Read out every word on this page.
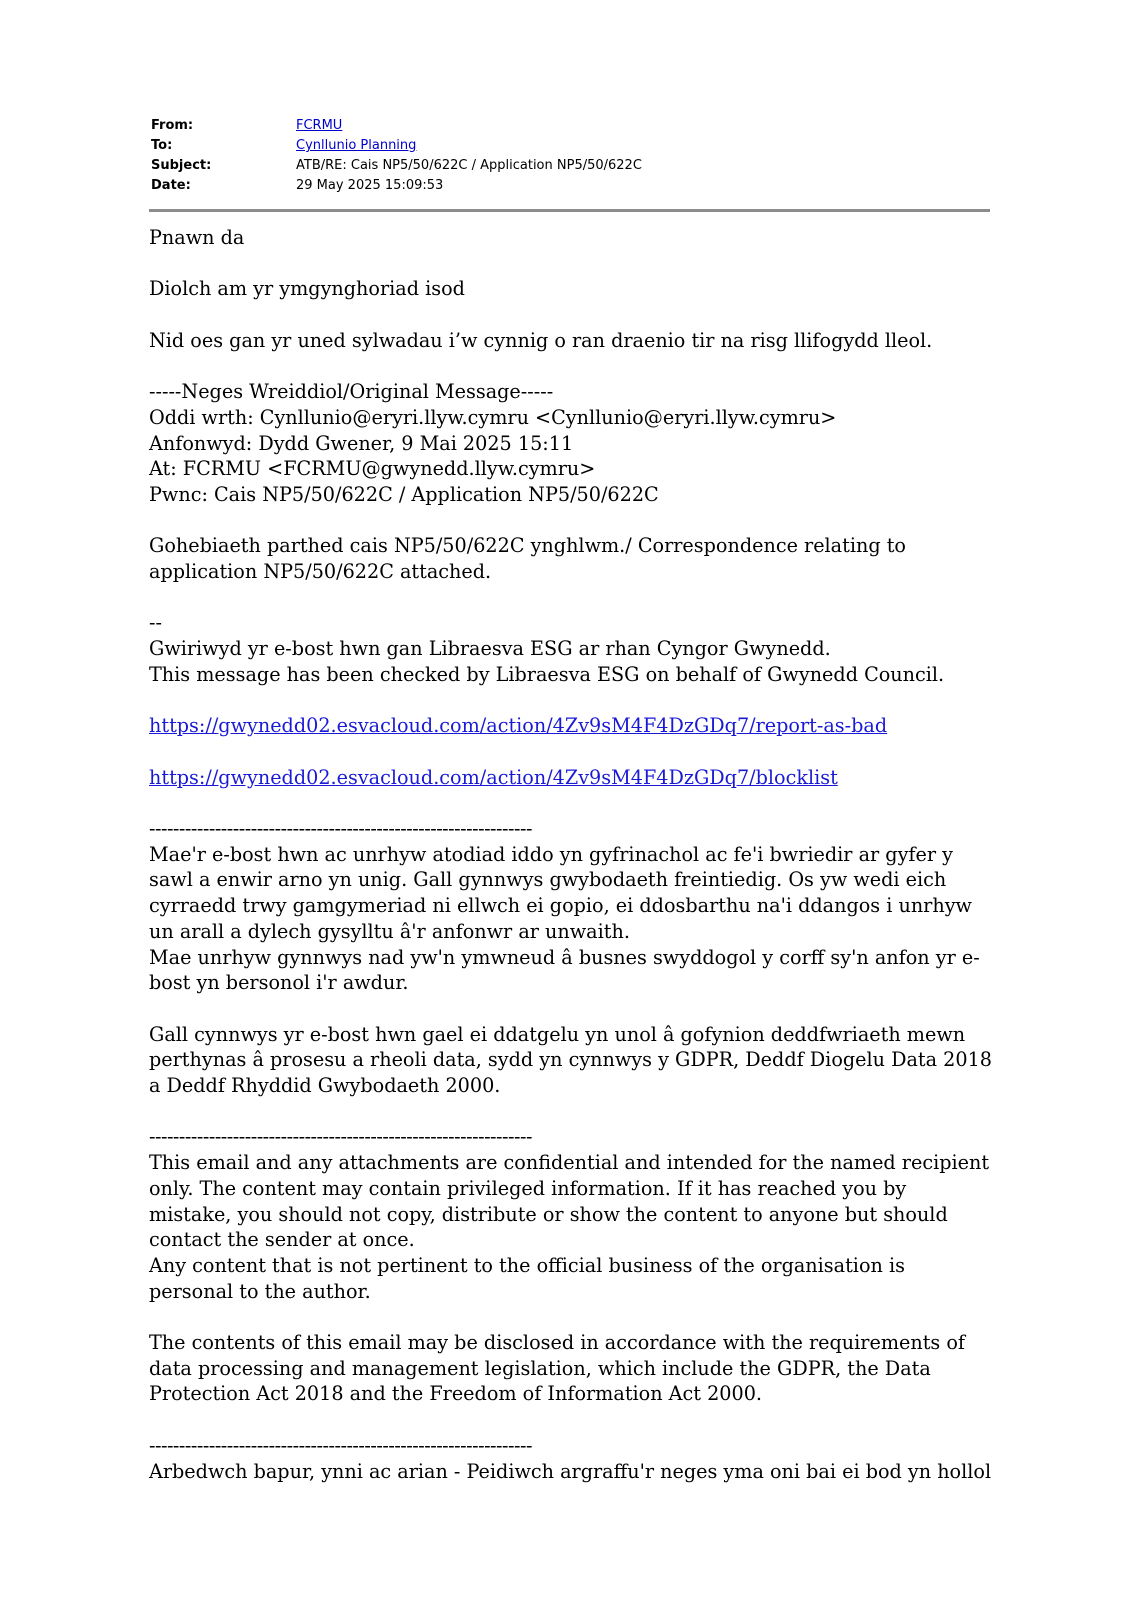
From:	FCRMU
To:	Cynllunio Planning
Subject:	ATB/RE: Cais NP5/50/622C / Application NP5/50/622C
Date:	29 May 2025 15:09:53

Pnawn da

Diolch am yr ymgynghoriad isod

Nid oes gan yr uned sylwadau i’w cynnig o ran draenio tir na risg llifogydd lleol.

-----Neges Wreiddiol/Original Message-----
Oddi wrth: Cynllunio@eryri.llyw.cymru <Cynllunio@eryri.llyw.cymru>
Anfonwyd: Dydd Gwener, 9 Mai 2025 15:11
At: FCRMU <FCRMU@gwynedd.llyw.cymru>
Pwnc: Cais NP5/50/622C / Application NP5/50/622C

Gohebiaeth parthed cais NP5/50/622C ynghlwm./ Correspondence relating to application NP5/50/622C attached.

--
Gwiriwyd yr e-bost hwn gan Libraesva ESG ar rhan Cyngor Gwynedd.
This message has been checked by Libraesva ESG on behalf of Gwynedd Council.

https://gwynedd02.esvacloud.com/action/4Zv9sM4F4DzGDq7/report-as-bad

https://gwynedd02.esvacloud.com/action/4Zv9sM4F4DzGDq7/blocklist

----------------------------------------------------------------
Mae'r e-bost hwn ac unrhyw atodiad iddo yn gyfrinachol ac fe'i bwriedir ar gyfer y sawl a enwir arno yn unig. Gall gynnwys gwybodaeth freintiedig. Os yw wedi eich cyrraedd trwy gamgymeriad ni ellwch ei gopio, ei ddosbarthu na'i ddangos i unrhyw un arall a dylech gysylltu â'r anfonwr ar unwaith.
Mae unrhyw gynnwys nad yw'n ymwneud â busnes swyddogol y corff sy'n anfon yr e-bost yn bersonol i'r awdur.

Gall cynnwys yr e-bost hwn gael ei ddatgelu yn unol â gofynion deddfwriaeth mewn perthynas â prosesu a rheoli data, sydd yn cynnwys y GDPR, Deddf Diogelu Data 2018 a Deddf Rhyddid Gwybodaeth 2000.

----------------------------------------------------------------
This email and any attachments are confidential and intended for the named recipient only. The content may contain privileged information. If it has reached you by mistake, you should not copy, distribute or show the content to anyone but should contact the sender at once.
Any content that is not pertinent to the official business of the organisation is personal to the author.

The contents of this email may be disclosed in accordance with the requirements of data processing and management legislation, which include the GDPR, the Data Protection Act 2018 and the Freedom of Information Act 2000.

----------------------------------------------------------------
Arbedwch bapur, ynni ac arian - Peidiwch argraffu'r neges yma oni bai ei bod yn hollol
